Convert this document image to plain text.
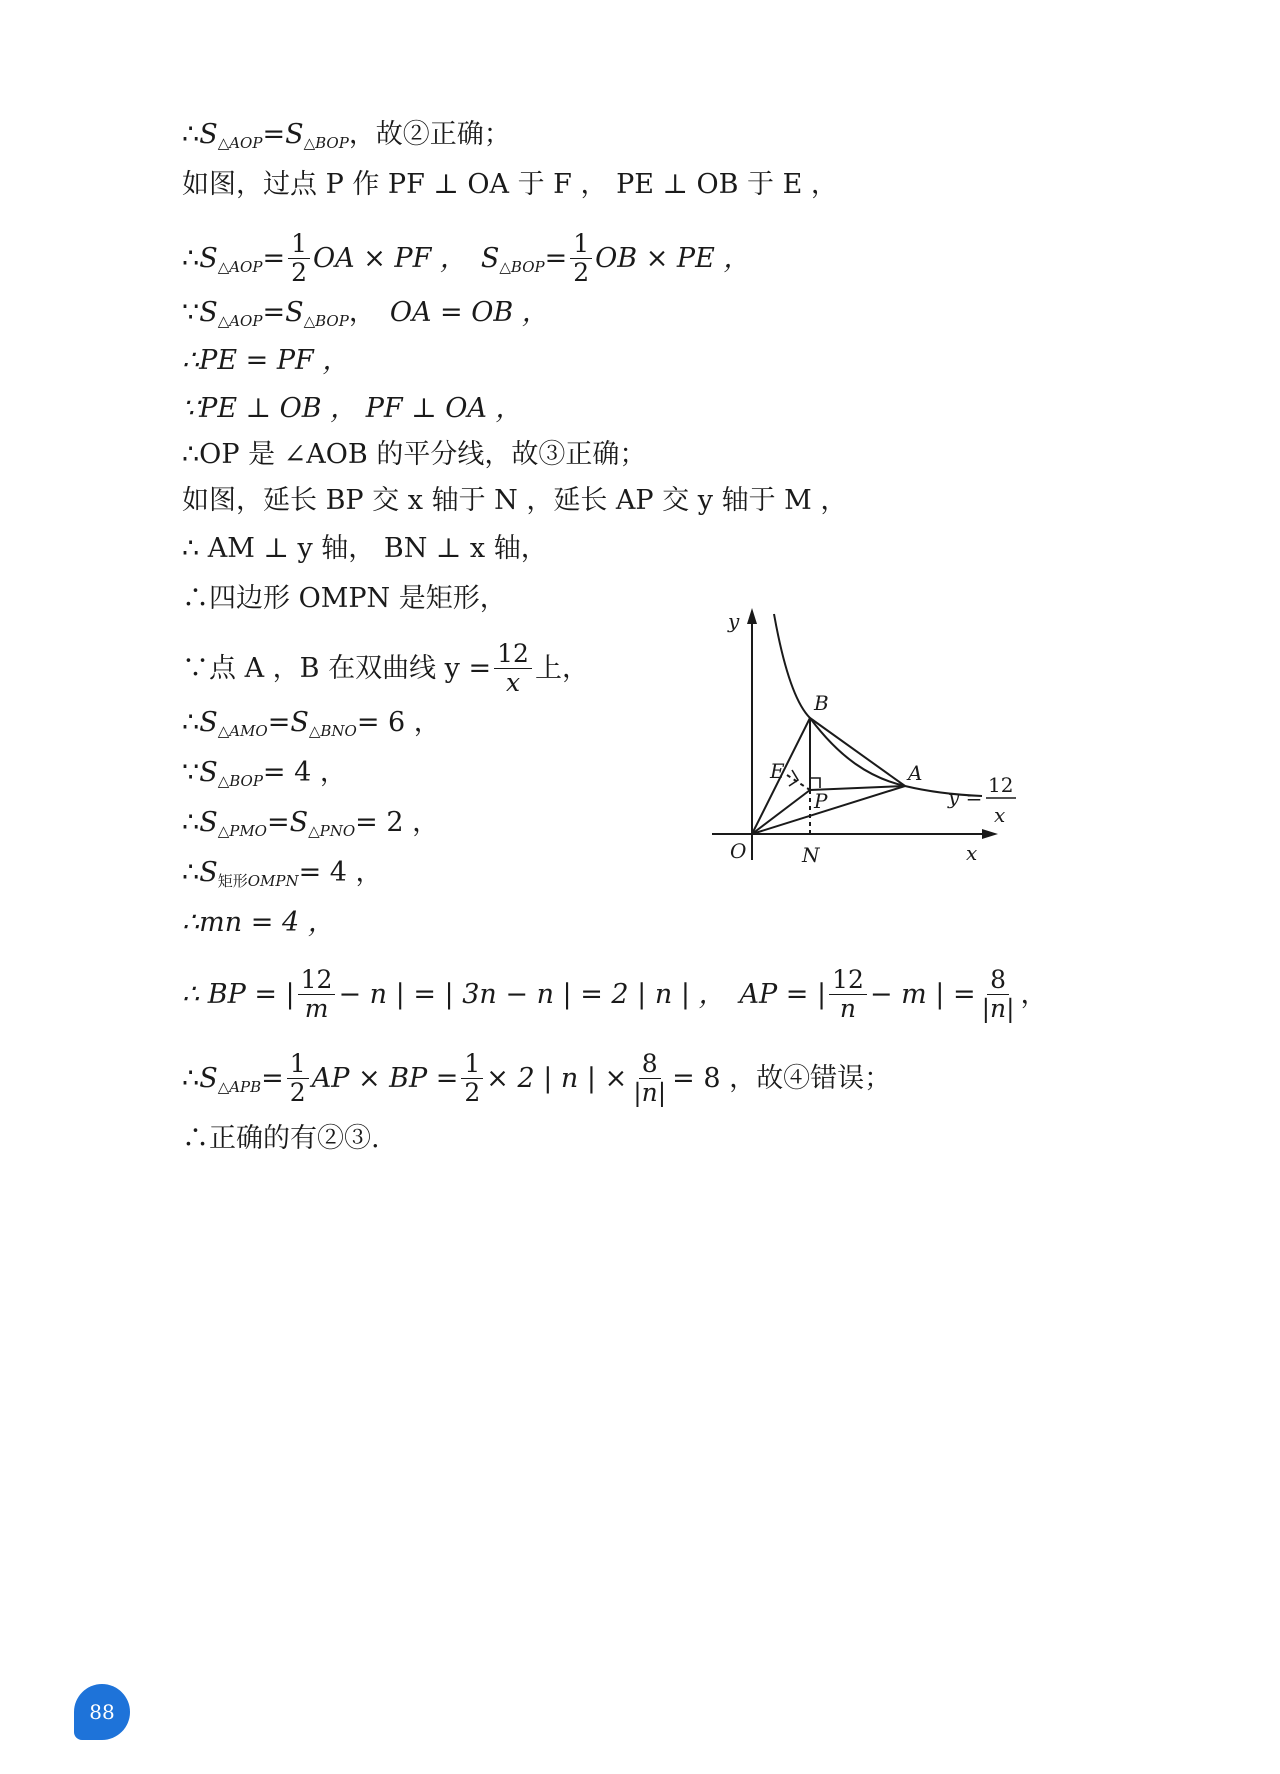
∴ S △AOP = S △BOP ，故②正确；
如图，过点 P 作 PF ⊥ OA 于 F ， PE ⊥ OB 于 E ，
∴ S △AOP = $\frac{1}{2}$ OA × PF ， S △BOP = $\frac{1}{2}$ OB × PE ，
∵ S △AOP = S △BOP ， OA = OB ，
∴PE = PF ，
∵PE ⊥ OB ， PF ⊥ OA ，
∴OP 是 ∠AOB 的平分线，故③正确；
如图，延长 BP 交 x 轴于 N ，延长 AP 交 y 轴于 M ，
∴ AM ⊥ y 轴， BN ⊥ x 轴，
∴四边形 OMPN 是矩形，
∵点 A ，B 在双曲线 $y = \frac{12}{x}$ 上，
∴ S △AMO = S △BNO = 6 ，
∵ S △BOP = 4 ，
∴ S △PMO = S △PNO = 2 ，
∴ S 矩形OMPN = 4 ，
∴mn = 4 ，
∴ BP = | $\frac{12}{m} - n$ | = | 3n − n | = 2 | n | ， AP = | $\frac{12}{n} - m$ | = $\frac{8}{|n|}$ ，
∴ S △APB = $\frac{1}{2}$ AP × BP = $\frac{1}{2} \times 2$ | n | × $\frac{8}{|n|} = 8$ ，故④错误；
∴正确的有②③.
y
x
O
B
A
E
P
N
y = 12
x
88
